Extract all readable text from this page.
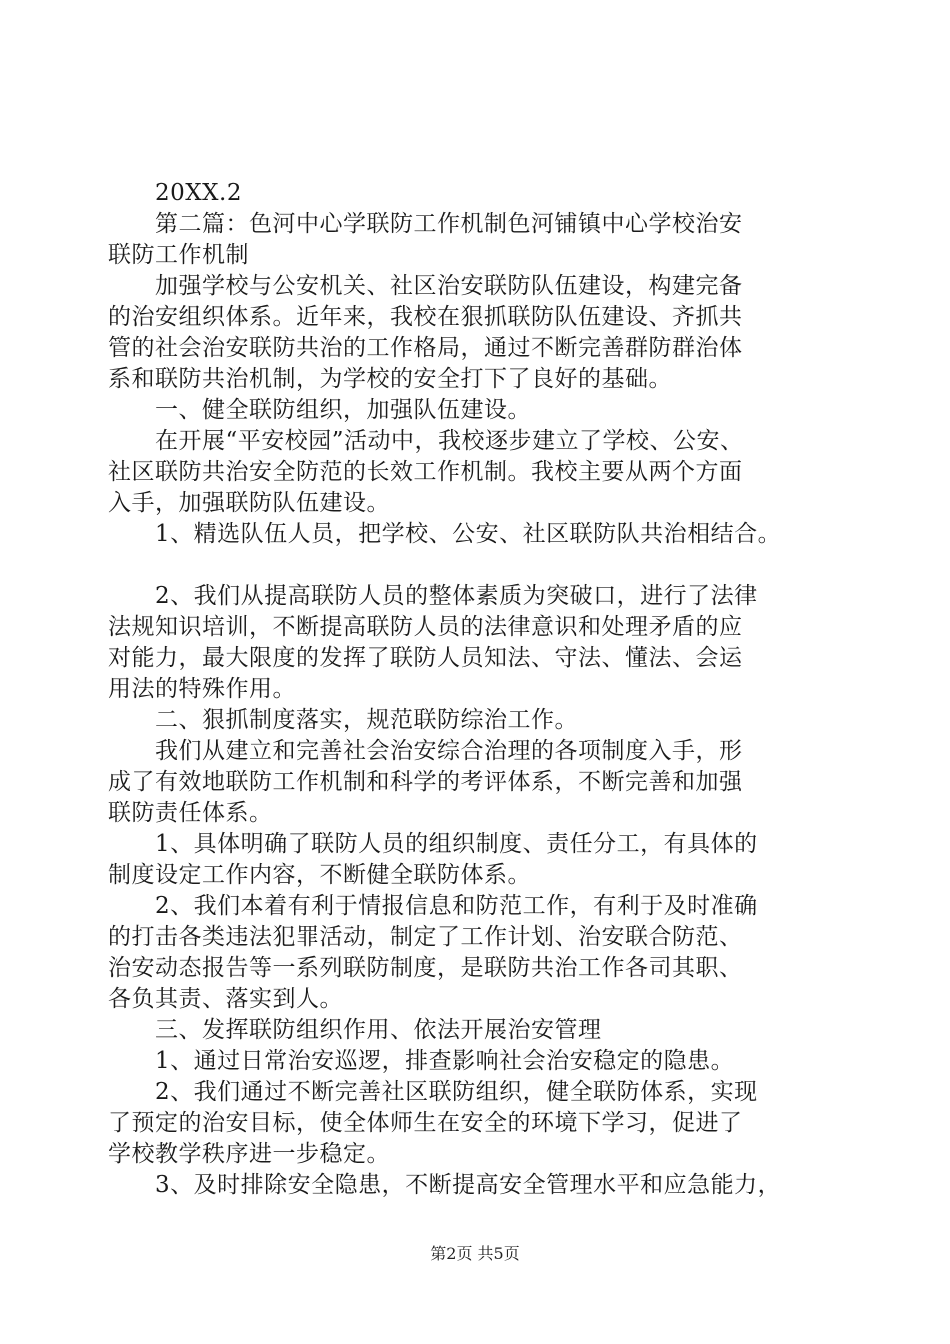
　　20XX.2
　　第二篇：色河中心学联防工作机制色河铺镇中心学校治安
联防工作机制
　　加强学校与公安机关、社区治安联防队伍建设，构建完备
的治安组织体系。近年来，我校在狠抓联防队伍建设、齐抓共
管的社会治安联防共治的工作格局，通过不断完善群防群治体
系和联防共治机制，为学校的安全打下了良好的基础。
　　一、健全联防组织，加强队伍建设。
　　在开展“平安校园”活动中，我校逐步建立了学校、公安、
社区联防共治安全防范的长效工作机制。我校主要从两个方面
入手，加强联防队伍建设。
　　1、精选队伍人员，把学校、公安、社区联防队共治相结合。
　　2、我们从提高联防人员的整体素质为突破口，进行了法律
法规知识培训，不断提高联防人员的法律意识和处理矛盾的应
对能力，最大限度的发挥了联防人员知法、守法、懂法、会运
用法的特殊作用。
　　二、狠抓制度落实，规范联防综治工作。
　　我们从建立和完善社会治安综合治理的各项制度入手，形
成了有效地联防工作机制和科学的考评体系，不断完善和加强
联防责任体系。
　　1、具体明确了联防人员的组织制度、责任分工，有具体的
制度设定工作内容，不断健全联防体系。
　　2、我们本着有利于情报信息和防范工作，有利于及时准确
的打击各类违法犯罪活动，制定了工作计划、治安联合防范、
治安动态报告等一系列联防制度，是联防共治工作各司其职、
各负其责、落实到人。
　　三、发挥联防组织作用、依法开展治安管理
　　1、通过日常治安巡逻，排查影响社会治安稳定的隐患。
　　2、我们通过不断完善社区联防组织，健全联防体系，实现
了预定的治安目标，使全体师生在安全的环境下学习，促进了
学校教学秩序进一步稳定。
　　3、及时排除安全隐患，不断提高安全管理水平和应急能力，
第2页 共5页
